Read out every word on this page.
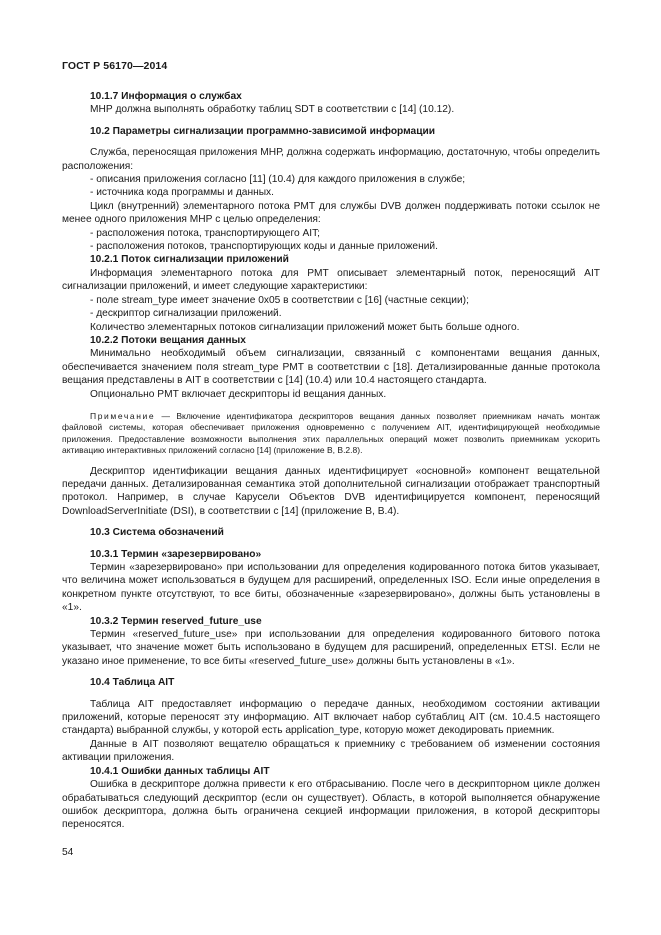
ГОСТ Р 56170—2014

10.1.7 Информация о службах

МНР должна выполнять обработку таблиц SDT в соответствии с [14] (10.12).

10.2 Параметры сигнализации программно-зависимой информации

Служба, переносящая приложения МНР, должна содержать информацию, достаточную, чтобы определить расположения:

- описания приложения согласно [11] (10.4) для каждого приложения в службе;

- источника кода программы и данных.

Цикл (внутренний) элементарного потока PMT для службы DVB должен поддерживать потоки ссылок не менее одного приложения МНР с целью определения:

- расположения потока, транспортирующего AIT;

- расположения потоков, транспортирующих коды и данные приложений.

10.2.1 Поток сигнализации приложений

Информация элементарного потока для PMT описывает элементарный поток, переносящий AIT сигнализации приложений, и имеет следующие характеристики:

- поле stream_type имеет значение 0x05 в соответствии с [16] (частные секции);

- дескриптор сигнализации приложений.

Количество элементарных потоков сигнализации приложений может быть больше одного.

10.2.2 Потоки вещания данных

Минимально необходимый объем сигнализации, связанный с компонентами вещания данных, обеспечивается значением поля stream_type PMT в соответствии с [18]. Детализированные данные протокола вещания представлены в AIT в соответствии с [14] (10.4) или 10.4 настоящего стандарта.

Опционально PMT включает дескрипторы id вещания данных.

Примечание — Включение идентификатора дескрипторов вещания данных позволяет приемникам начать монтаж файловой системы, которая обеспечивает приложения одновременно с получением AIT, идентифицирующей необходимые приложения. Предоставление возможности выполнения этих параллельных операций может позволить приемникам ускорить активацию интерактивных приложений согласно [14] (приложение В, В.2.8).

Дескриптор идентификации вещания данных идентифицирует «основной» компонент вещательной передачи данных. Детализированная семантика этой дополнительной сигнализации отображает транспортный протокол. Например, в случае Карусели Объектов DVB идентифицируется компонент, переносящий DownloadServerInitiate (DSI), в соответствии с [14] (приложение В, В.4).

10.3 Система обозначений

10.3.1 Термин «зарезервировано»

Термин «зарезервировано» при использовании для определения кодированного потока битов указывает, что величина может использоваться в будущем для расширений, определенных ISO. Если иные определения в конкретном пункте отсутствуют, то все биты, обозначенные «зарезервировано», должны быть установлены в «1».

10.3.2 Термин reserved_future_use

Термин «reserved_future_use» при использовании для определения кодированного битового потока указывает, что значение может быть использовано в будущем для расширений, определенных ETSI. Если не указано иное применение, то все биты «reserved_future_use» должны быть установлены в «1».

10.4 Таблица AIT

Таблица AIT предоставляет информацию о передаче данных, необходимом состоянии активации приложений, которые переносят эту информацию. AIT включает набор субтаблиц AIT (см. 10.4.5 настоящего стандарта) выбранной службы, у которой есть application_type, которую может декодировать приемник.

Данные в AIT позволяют вещателю обращаться к приемнику с требованием об изменении состояния активации приложения.

10.4.1 Ошибки данных таблицы AIT

Ошибка в дескрипторе должна привести к его отбрасыванию. После чего в дескрипторном цикле должен обрабатываться следующий дескриптор (если он существует). Область, в которой выполняется обнаружение ошибок дескриптора, должна быть ограничена секцией информации приложения, в которой дескрипторы переносятся.

54
